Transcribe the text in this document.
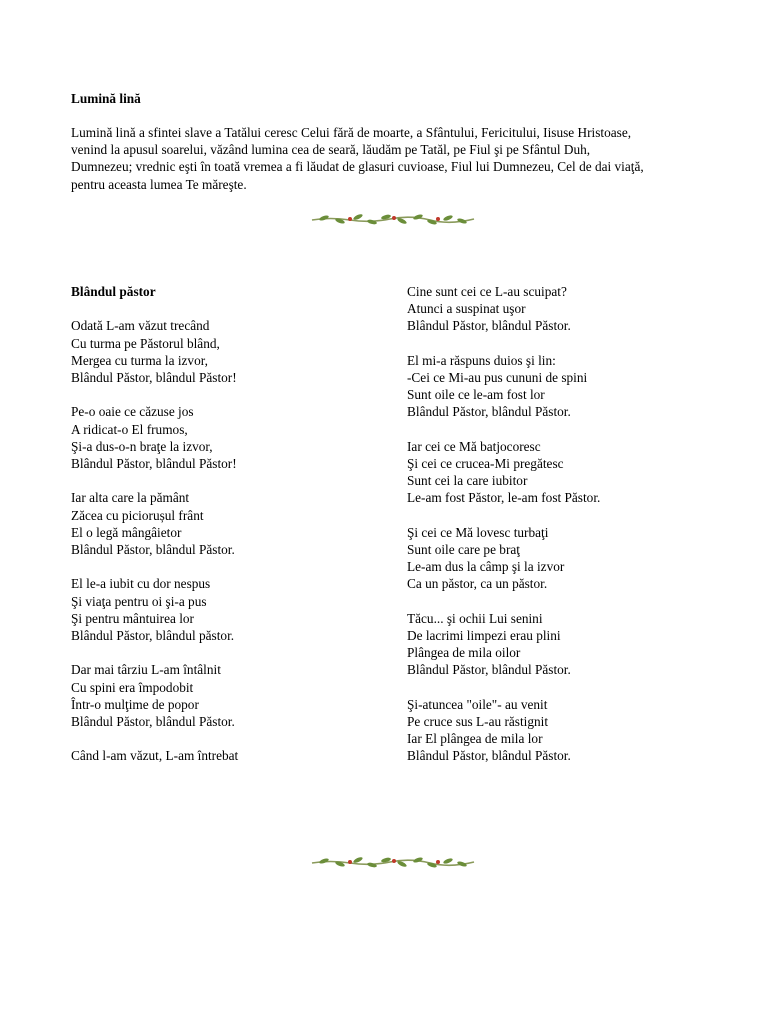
Lumină lină
Lumină lină a sfintei slave a Tatălui ceresc Celui fără de moarte, a Sfântului, Fericitului, Iisuse Hristoase,
venind la apusul soarelui, văzând lumina cea de seară, lăudăm pe Tatăl, pe Fiul şi pe Sfântul Duh,
Dumnezeu; vrednic eşti în toată vremea a fi lăudat de glasuri cuvioase, Fiul lui Dumnezeu, Cel de dai viaţă,
pentru aceasta lumea Te măreşte.
Blândul păstor
Odată L-am văzut trecând
Cu turma pe Păstorul blând,
Mergea cu turma la izvor,
Blândul Păstor, blândul Păstor!
Pe-o oaie ce căzuse jos
A ridicat-o El frumos,
Şi-a dus-o-n braţe la izvor,
Blândul Păstor, blândul Păstor!
Iar alta care la pământ
Zăcea cu piciorușul frânt
El o legă mângâietor
Blândul Păstor, blândul Păstor.
El le-a iubit cu dor nespus
Şi viaţa pentru oi şi-a pus
Şi pentru mântuirea lor
Blândul Păstor, blândul păstor.
Dar mai târziu L-am întâlnit
Cu spini era împodobit
Într-o mulţime de popor
Blândul Păstor, blândul Păstor.
Când l-am văzut, L-am întrebat
Cine sunt cei ce L-au scuipat?
Atunci a suspinat uşor
Blândul Păstor, blândul Păstor.
El mi-a răspuns duios şi lin:
-Cei ce Mi-au pus cununi de spini
Sunt oile ce le-am fost lor
Blândul Păstor, blândul Păstor.
Iar cei ce Mă batjocoresc
Şi cei ce crucea-Mi pregătesc
Sunt cei la care iubitor
Le-am fost Păstor, le-am fost Păstor.
Şi cei ce Mă lovesc turbaţi
Sunt oile care pe braţ
Le-am dus la câmp şi la izvor
Ca un păstor, ca un păstor.
Tăcu... şi ochii Lui senini
De lacrimi limpezi erau plini
Plângea de mila oilor
Blândul Păstor, blândul Păstor.
Şi-atuncea "oile"- au venit
Pe cruce sus L-au răstignit
Iar El plângea de mila lor
Blândul Păstor, blândul Păstor.
